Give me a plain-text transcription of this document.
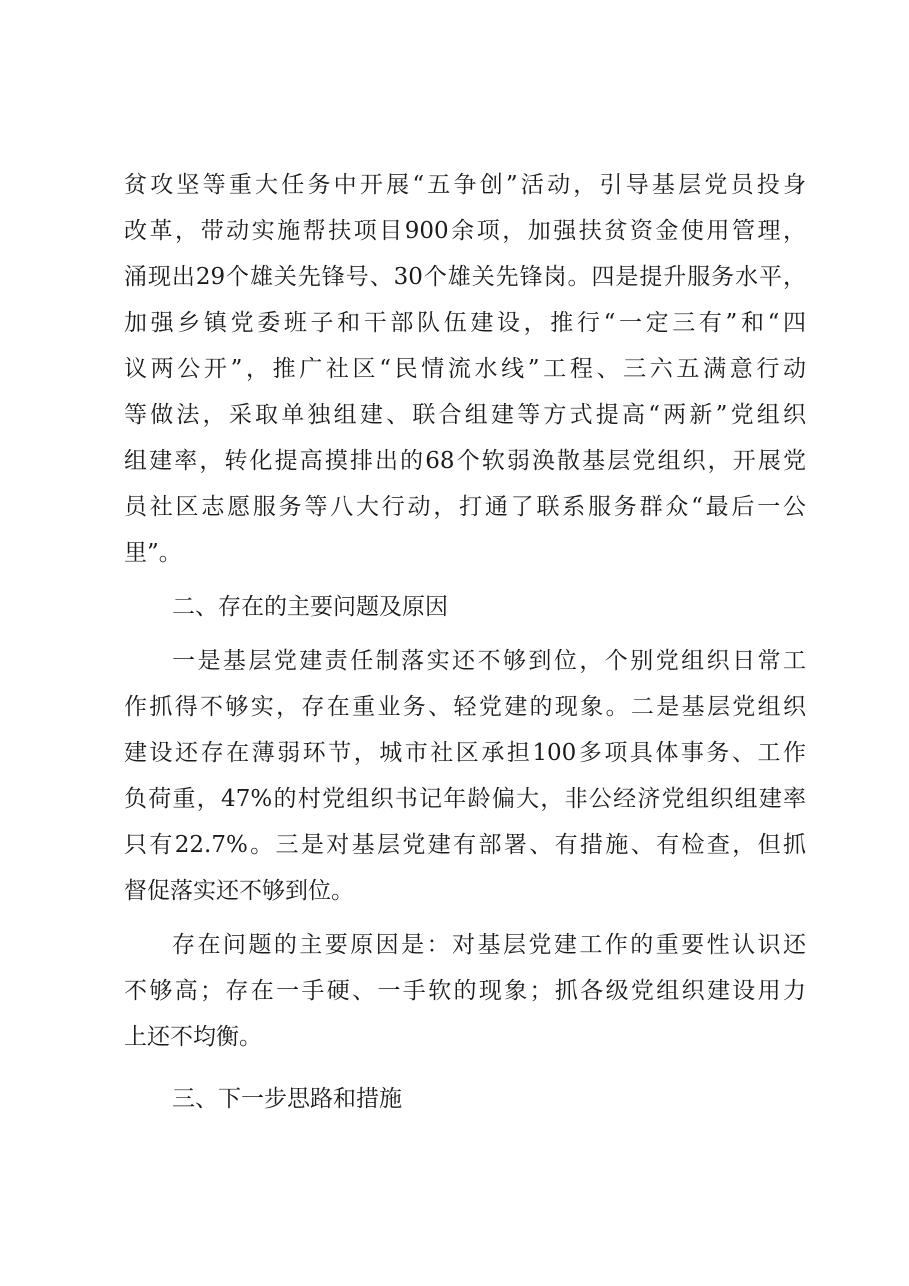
贫攻坚等重大任务中开展“五争创”活动，引导基层党员投身
改革，带动实施帮扶项目900余项，加强扶贫资金使用管理，
涌现出29个雄关先锋号、30个雄关先锋岗。四是提升服务水平，
加强乡镇党委班子和干部队伍建设，推行“一定三有”和“四
议两公开”，推广社区“民情流水线”工程、三六五满意行动
等做法，采取单独组建、联合组建等方式提高“两新”党组织
组建率，转化提高摸排出的68个软弱涣散基层党组织，开展党
员社区志愿服务等八大行动，打通了联系服务群众“最后一公
里”。
二、存在的主要问题及原因
一是基层党建责任制落实还不够到位，个别党组织日常工
作抓得不够实，存在重业务、轻党建的现象。二是基层党组织
建设还存在薄弱环节，城市社区承担100多项具体事务、工作
负荷重，47%的村党组织书记年龄偏大，非公经济党组织组建率
只有22.7%。三是对基层党建有部署、有措施、有检查，但抓
督促落实还不够到位。
存在问题的主要原因是：对基层党建工作的重要性认识还
不够高；存在一手硬、一手软的现象；抓各级党组织建设用力
上还不均衡。
三、下一步思路和措施
